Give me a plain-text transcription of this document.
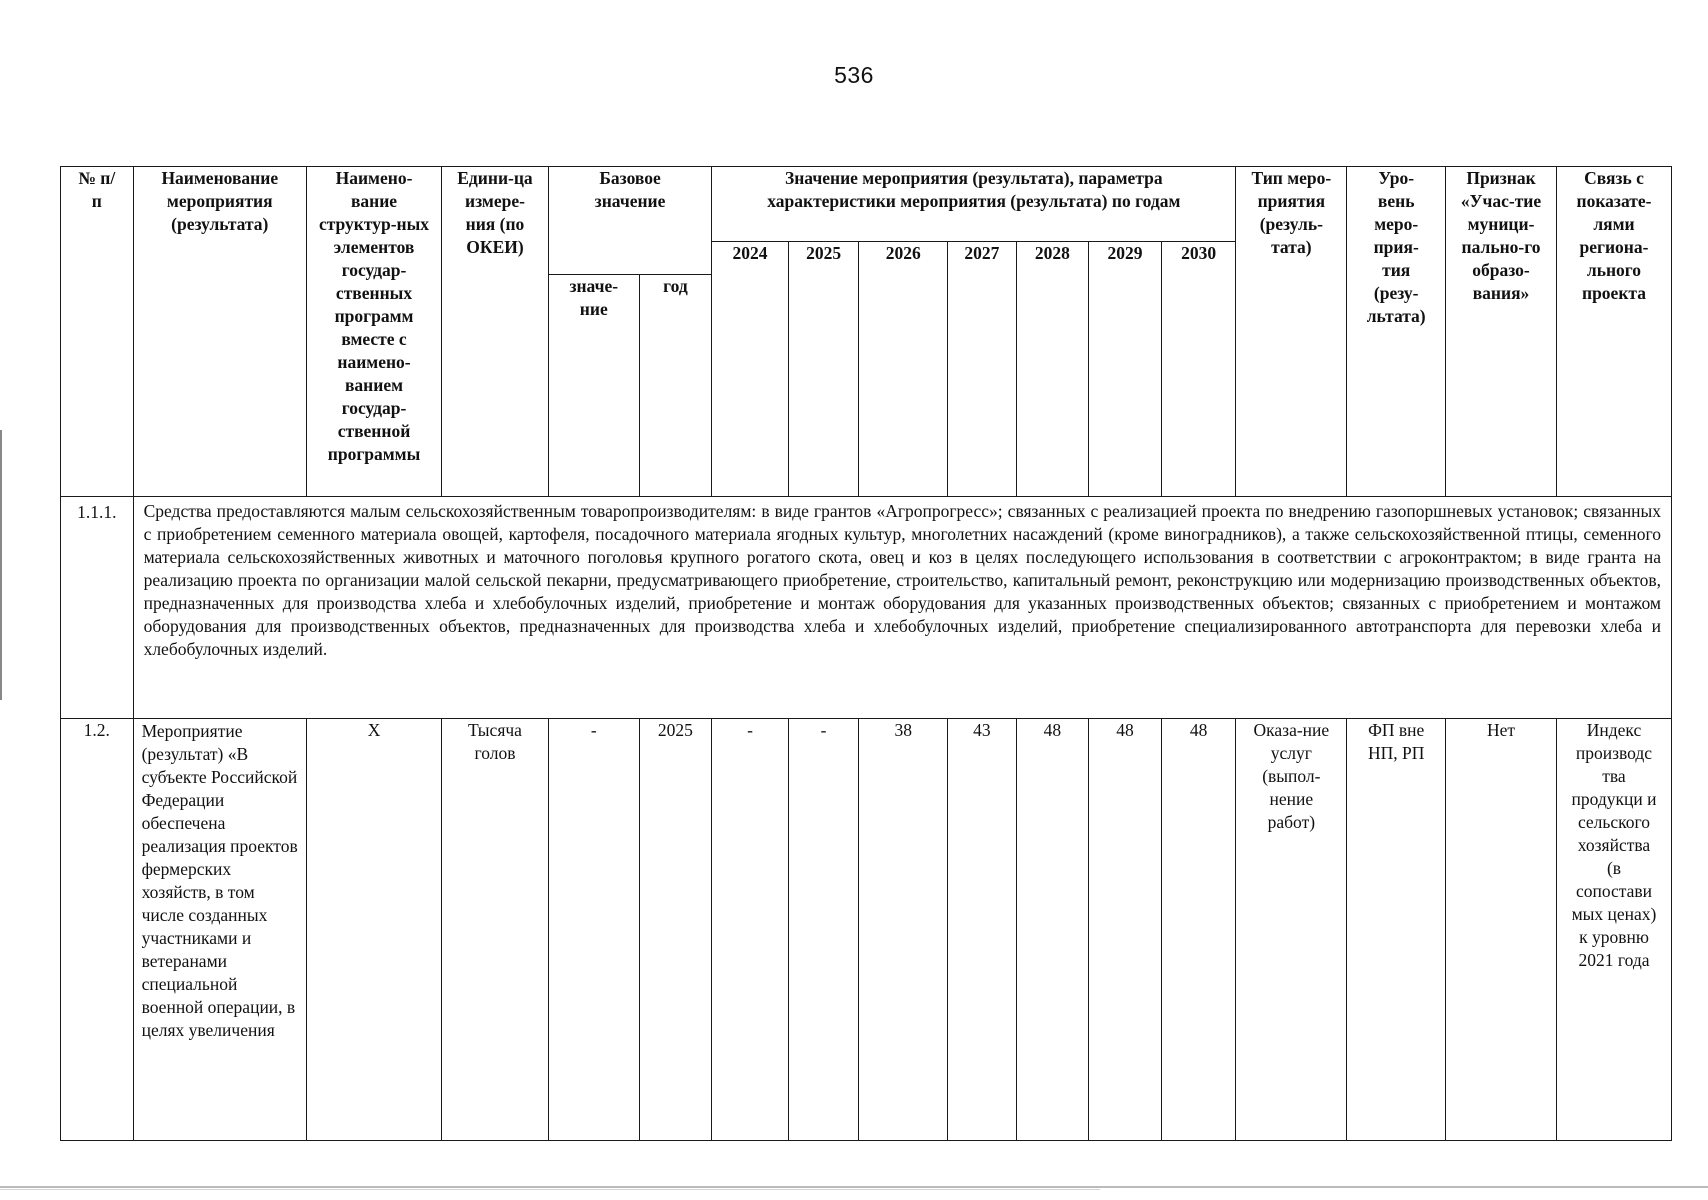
536
№ п/п	Наименование мероприятия (результата)	Наимено-вание структур-ных элементов государ-ственных программ вместе с наимено-ванием государ-ственной программы	Едини-ца измере-ния (по ОКЕИ)	Базовое значение		Значение мероприятия (результата), параметра характеристики мероприятия (результата) по годам							Тип меро-приятия (резуль-тата)	Уро-вень меро-прия-тия (резу-льтата)	Признак «Учас-тие муници-пально-го образо-вания»	Связь с показате-лями региона-льного проекта
						2024	2025	2026	2027	2028	2029	2030				
				значе-ние	год											
1.1.1.	Средства предоставляются малым сельскохозяйственным товаропроизводителям: в виде грантов «Агропрогресс»; связанных с реализацией проекта по внедрению газопоршневых установок; связанных с приобретением семенного материала овощей, картофеля, посадочного материала ягодных культур, многолетних насаждений (кроме виноградников), а также сельскохозяйственной птицы, семенного материала сельскохозяйственных животных и маточного поголовья крупного рогатого скота, овец и коз в целях последующего использования в соответствии с агроконтрактом; в виде гранта на реализацию проекта по организации малой сельской пекарни, предусматривающего приобретение, строительство, капитальный ремонт, реконструкцию или модернизацию производственных объектов, предназначенных для производства хлеба и хлебобулочных изделий, приобретение и монтаж оборудования для указанных производственных объектов; связанных с приобретением и монтажом оборудования для производственных объектов, предназначенных для производства хлеба и хлебобулочных изделий, приобретение специализированного автотранспорта для перевозки хлеба и хлебобулочных изделий.															
1.2.	Мероприятие (результат) «В субъекте Российской Федерации обеспечена реализация проектов фермерских хозяйств, в том числе созданных участниками и ветеранами специальной военной операции, в целях увеличения	X	Тысяча голов	-	2025	-	-	38	43	48	48	48	Оказа-ние услуг (выпол-нение работ)	ФП вне НП, РП	Нет	Индекс производс тва продукци и сельского хозяйства (в сопостави мых ценах) к уровню 2021 года
